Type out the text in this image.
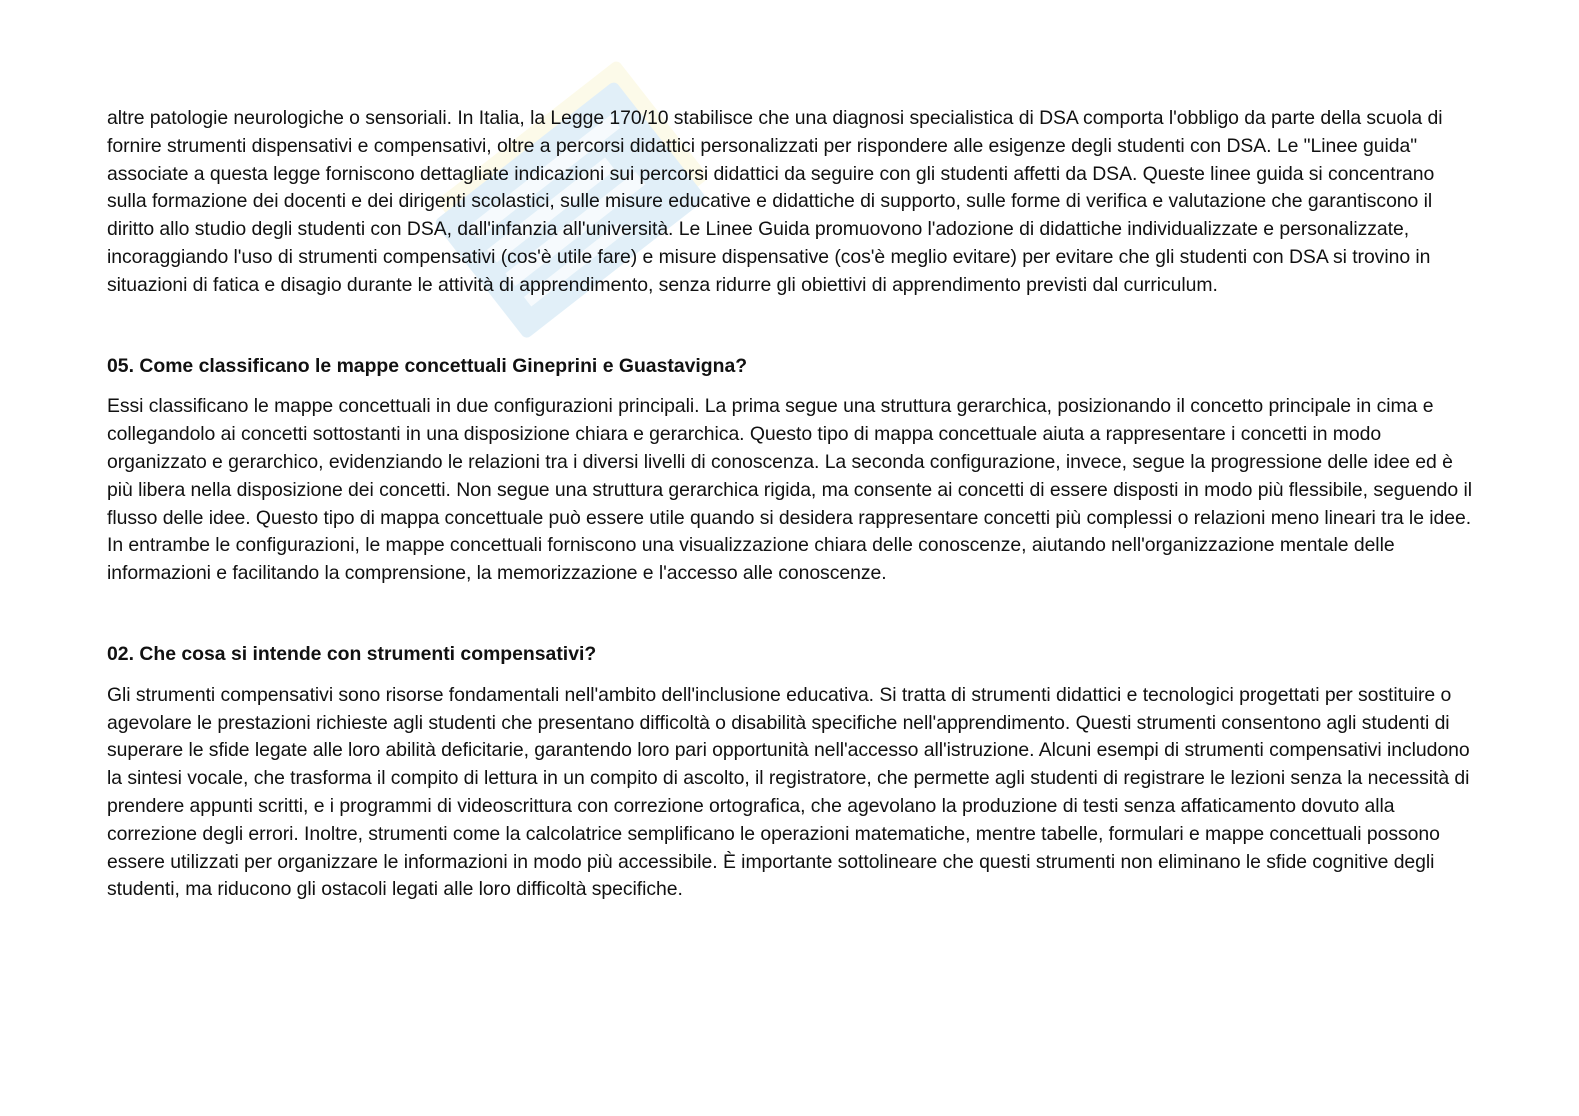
altre patologie neurologiche o sensoriali. In Italia, la Legge 170/10 stabilisce che una diagnosi specialistica di DSA comporta l'obbligo da parte della scuola di fornire strumenti dispensativi e compensativi, oltre a percorsi didattici personalizzati per rispondere alle esigenze degli studenti con DSA. Le "Linee guida" associate a questa legge forniscono dettagliate indicazioni sui percorsi didattici da seguire con gli studenti affetti da DSA. Queste linee guida si concentrano sulla formazione dei docenti e dei dirigenti scolastici, sulle misure educative e didattiche di supporto, sulle forme di verifica e valutazione che garantiscono il diritto allo studio degli studenti con DSA, dall'infanzia all'università. Le Linee Guida promuovono l'adozione di didattiche individualizzate e personalizzate, incoraggiando l'uso di strumenti compensativi (cos'è utile fare) e misure dispensative (cos'è meglio evitare) per evitare che gli studenti con DSA si trovino in situazioni di fatica e disagio durante le attività di apprendimento, senza ridurre gli obiettivi di apprendimento previsti dal curriculum.

05. Come classificano le mappe concettuali Gineprini e Guastavigna?

Essi classificano le mappe concettuali in due configurazioni principali. La prima segue una struttura gerarchica, posizionando il concetto principale in cima e collegandolo ai concetti sottostanti in una disposizione chiara e gerarchica. Questo tipo di mappa concettuale aiuta a rappresentare i concetti in modo organizzato e gerarchico, evidenziando le relazioni tra i diversi livelli di conoscenza. La seconda configurazione, invece, segue la progressione delle idee ed è più libera nella disposizione dei concetti. Non segue una struttura gerarchica rigida, ma consente ai concetti di essere disposti in modo più flessibile, seguendo il flusso delle idee. Questo tipo di mappa concettuale può essere utile quando si desidera rappresentare concetti più complessi o relazioni meno lineari tra le idee. In entrambe le configurazioni, le mappe concettuali forniscono una visualizzazione chiara delle conoscenze, aiutando nell'organizzazione mentale delle informazioni e facilitando la comprensione, la memorizzazione e l'accesso alle conoscenze.

02. Che cosa si intende con strumenti compensativi?

Gli strumenti compensativi sono risorse fondamentali nell'ambito dell'inclusione educativa. Si tratta di strumenti didattici e tecnologici progettati per sostituire o agevolare le prestazioni richieste agli studenti che presentano difficoltà o disabilità specifiche nell'apprendimento. Questi strumenti consentono agli studenti di superare le sfide legate alle loro abilità deficitarie, garantendo loro pari opportunità nell'accesso all'istruzione. Alcuni esempi di strumenti compensativi includono la sintesi vocale, che trasforma il compito di lettura in un compito di ascolto, il registratore, che permette agli studenti di registrare le lezioni senza la necessità di prendere appunti scritti, e i programmi di videoscrittura con correzione ortografica, che agevolano la produzione di testi senza affaticamento dovuto alla correzione degli errori. Inoltre, strumenti come la calcolatrice semplificano le operazioni matematiche, mentre tabelle, formulari e mappe concettuali possono essere utilizzati per organizzare le informazioni in modo più accessibile. È importante sottolineare che questi strumenti non eliminano le sfide cognitive degli studenti, ma riducono gli ostacoli legati alle loro difficoltà specifiche.
